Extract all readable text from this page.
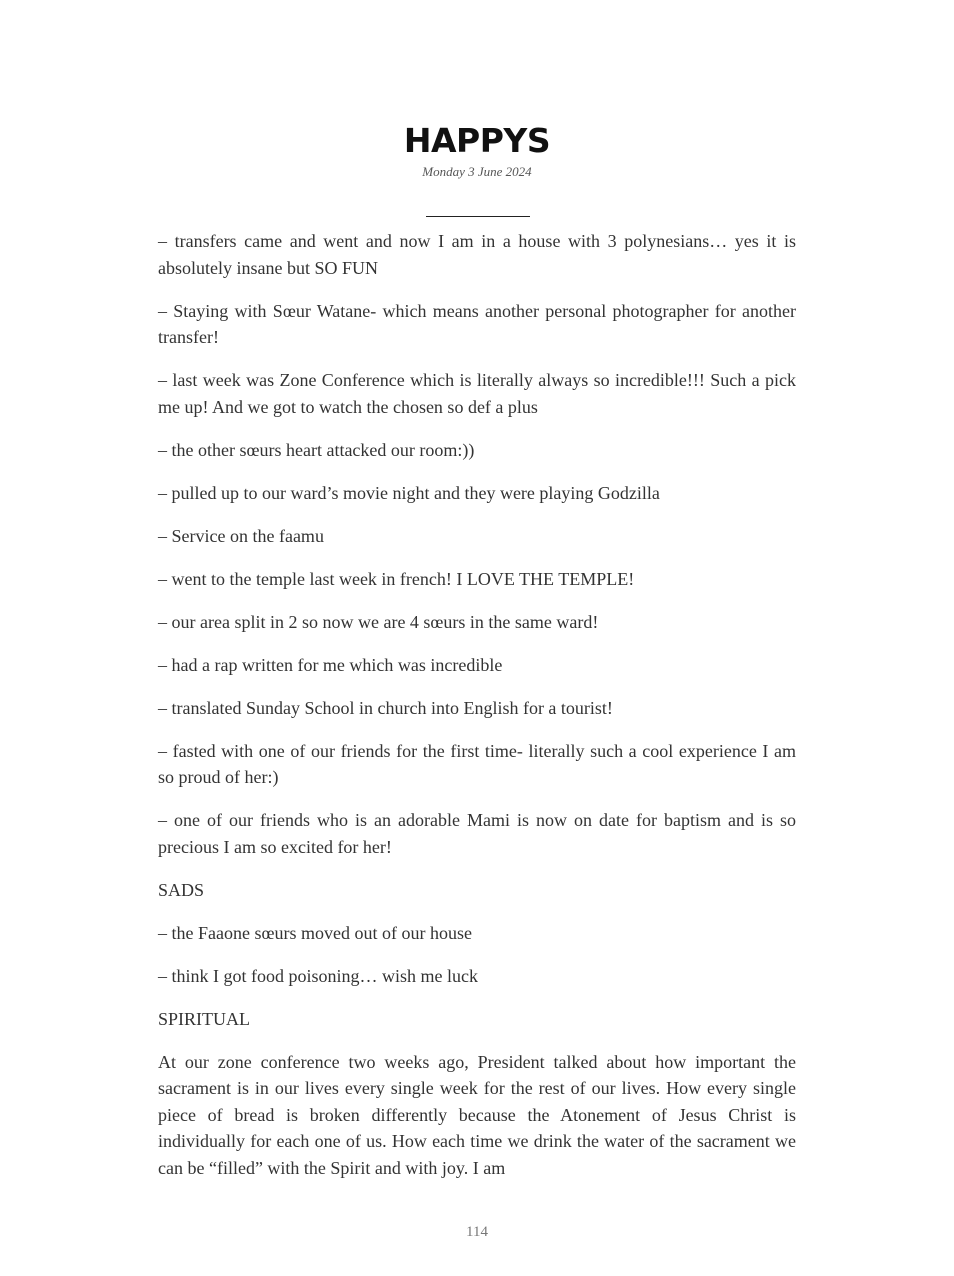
HAPPYS
Monday 3 June 2024

– transfers came and went and now I am in a house with 3 polynesians… yes it is absolutely insane but SO FUN

– Staying with Sœur Watane- which means another personal photographer for another transfer!

– last week was Zone Conference which is literally always so incredible!!! Such a pick me up! And we got to watch the chosen so def a plus

– the other sœurs heart attacked our room:))

– pulled up to our ward’s movie night and they were playing Godzilla

– Service on the faamu

– went to the temple last week in french! I LOVE THE TEMPLE!

– our area split in 2 so now we are 4 sœurs in the same ward!

– had a rap written for me which was incredible

– translated Sunday School in church into English for a tourist!

– fasted with one of our friends for the first time- literally such a cool experience I am so proud of her:)

– one of our friends who is an adorable Mami is now on date for baptism and is so precious I am so excited for her!

SADS

– the Faaone sœurs moved out of our house

– think I got food poisoning… wish me luck

SPIRITUAL

At our zone conference two weeks ago, President talked about how important the sacrament is in our lives every single week for the rest of our lives. How every single piece of bread is broken differently because the Atonement of Jesus Christ is individually for each one of us. How each time we drink the water of the sacrament we can be “filled” with the Spirit and with joy. I am

114
